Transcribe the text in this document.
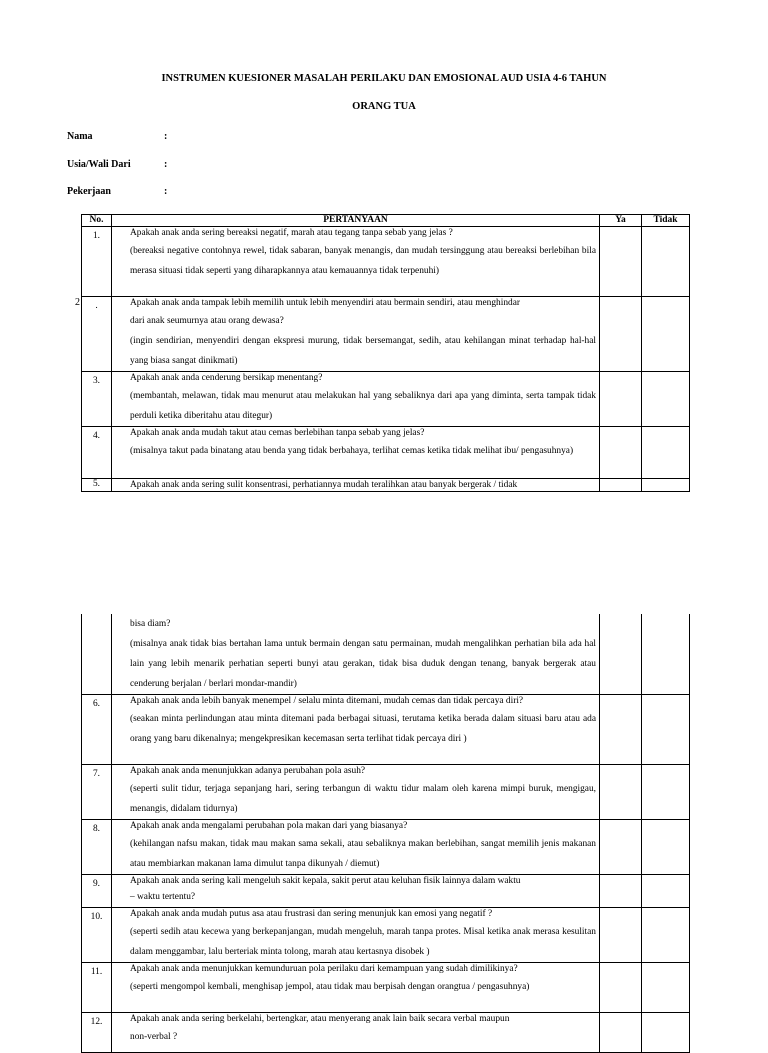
INSTRUMEN KUESIONER MASALAH PERILAKU DAN EMOSIONAL AUD USIA 4-6 TAHUN
ORANG TUA
Nama	:
Usia/Wali Dari	:
Pekerjaan	:
2
No.	PERTANYAAN	Ya	Tidak
1.	Apakah anak anda sering bereaksi negatif, marah atau tegang tanpa sebab yang jelas ?
(bereaksi negative contohnya rewel, tidak sabaran, banyak menangis, dan mudah tersinggung atau bereaksi berlebihan bila merasa situasi tidak seperti yang diharapkannya atau kemauannya tidak terpenuhi)		

.	Apakah anak anda tampak lebih memilih untuk lebih menyendiri atau bermain sendiri, atau menghindar
dari anak seumurnya atau orang dewasa?
(ingin sendirian, menyendiri dengan ekspresi murung, tidak bersemangat, sedih, atau kehilangan minat terhadap hal-hal yang biasa sangat dinikmati)		

3.	Apakah anak anda cenderung bersikap menentang?
(membantah, melawan, tidak mau menurut atau melakukan hal yang sebaliknya dari apa yang diminta, serta tampak tidak perduli ketika diberitahu atau ditegur)		

4.	Apakah anak anda mudah takut atau cemas berlebihan tanpa sebab yang jelas?
(misalnya takut pada binatang atau benda yang tidak berbahaya, terlihat cemas ketika tidak melihat ibu/ pengasuhnya)		

5.	Apakah anak anda sering sulit konsentrasi, perhatiannya mudah teralihkan atau banyak bergerak / tidak		

	bisa diam?
(misalnya anak tidak bias bertahan lama untuk bermain dengan satu permainan, mudah mengalihkan perhatian bila ada hal lain yang lebih menarik perhatian seperti bunyi atau gerakan, tidak bisa duduk dengan tenang, banyak bergerak atau cenderung berjalan / berlari mondar-mandir)		

6.	Apakah anak anda lebih banyak menempel / selalu minta ditemani, mudah cemas dan tidak percaya diri?
(seakan minta perlindungan atau minta ditemani pada berbagai situasi, terutama ketika berada dalam situasi baru atau ada orang yang baru dikenalnya; mengekpresikan kecemasan serta terlihat tidak percaya diri )		

7.	Apakah anak anda menunjukkan adanya perubahan pola asuh?
(seperti sulit tidur, terjaga sepanjang hari, sering terbangun di waktu tidur malam oleh karena mimpi buruk, mengigau, menangis, didalam tidurnya)		

8.	Apakah anak anda mengalami perubahan pola makan dari yang biasanya?
(kehilangan nafsu makan, tidak mau makan sama sekali, atau sebaliknya makan berlebihan, sangat memilih jenis makanan atau membiarkan makanan lama dimulut tanpa dikunyah / diemut)		

9.	Apakah anak anda sering kali mengeluh sakit kepala, sakit perut atau keluhan fisik lainnya dalam waktu
– waktu tertentu?		

10.	Apakah anak anda mudah putus asa atau frustrasi dan sering menunjuk kan emosi yang negatif ?
(seperti sedih atau kecewa yang berkepanjangan, mudah mengeluh, marah tanpa protes. Misal ketika anak merasa kesulitan dalam menggambar, lalu berteriak minta tolong, marah atau kertasnya disobek )		

11.	Apakah anak anda menunjukkan kemunduruan pola perilaku dari kemampuan yang sudah dimilikinya?
(seperti mengompol kembali, menghisap jempol, atau tidak mau berpisah dengan orangtua / pengasuhnya)		

12.	Apakah anak anda sering berkelahi, bertengkar, atau menyerang anak lain baik secara verbal maupun
non-verbal ?		
